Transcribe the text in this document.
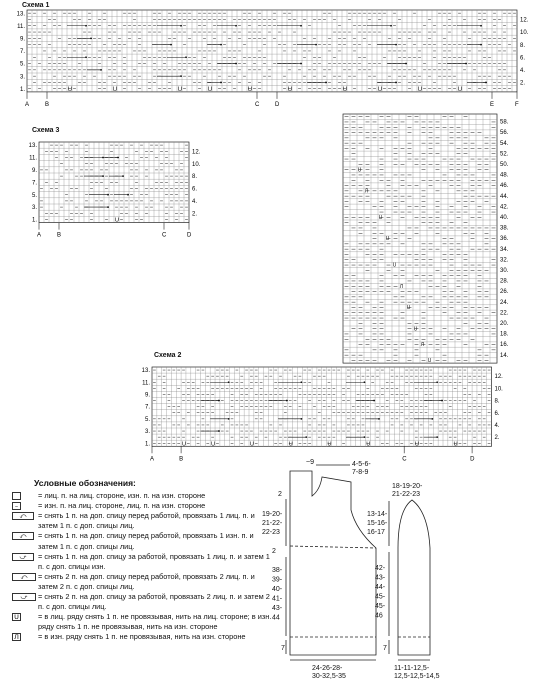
Схема 1
U	U	U	U	U	U	U	U	U	U
1.
3.
5.
7.
9.
11.
13.
2.
4.
6.
8.
10.
12.
A	B	C	D	E	F
Схема 3
U
1.
3.
5.
7.
9.
11.
13.
2.
4.
6.
8.
10.
12.
A	B	C	D
U
Л
U
U
U
Л
U
U
Л
U
14.
16.
18.
20.
22.
24.
26.
28.
30.
32.
34.
36.
38.
40.
42.
44.
46.
48.
50.
52.
54.
56.
58.
Схема 2
U	U	U	U	U	U	U	U
1.
3.
5.
7.
9.
11.
13.
2.
4.
6.
8.
10.
12.
A	B	C	D
Условные обозначения:
= лиц. п. на лиц. стороне, изн. п. на изн. стороне
–	= изн. п. на лиц. стороне, лиц. п. на изн. стороне
⤺	= снять 1 п. на доп. спицу перед работой, провязать 1 лиц. п. и затем 1 п. с доп. спицы лиц.
⤺	= снять 1 п. на доп. спицу перед работой, провязать 1 изн. п. и затем 1 п. с доп. спицы лиц.
⤻	= снять 1 п. на доп. спицу за работой, провязать 1 лиц. п. и затем 1 п. с доп. спицы изн.
⤺	= снять 2 п. на доп. спицу перед работой, провязать 2 лиц. п. и затем 2 п. с доп. спицы лиц.
⤻	= снять 2 п. на доп. спицу за работой, провязать 2 лиц. п. и затем 2 п. с доп. спицы лиц.
U	= в лиц. ряду снять 1 п. не провязывая, нить на лиц. стороне; в изн. ряду снять 1 п. не провязывая, нить на изн. стороне
Л	= в изн. ряду снять 1 п. не провязывая, нить на изн. стороне
~9	4-5-6-7-8-9
2
19-20-21-22-22-23
2
38-39-40-41-43-44
7
24-26-28-30-32,5-35
18-19-20-21-22-23
13-14-15-16-16-17
42-43-44-45-45-46
7
11-11-12,5-12,5-12,5-14,5
